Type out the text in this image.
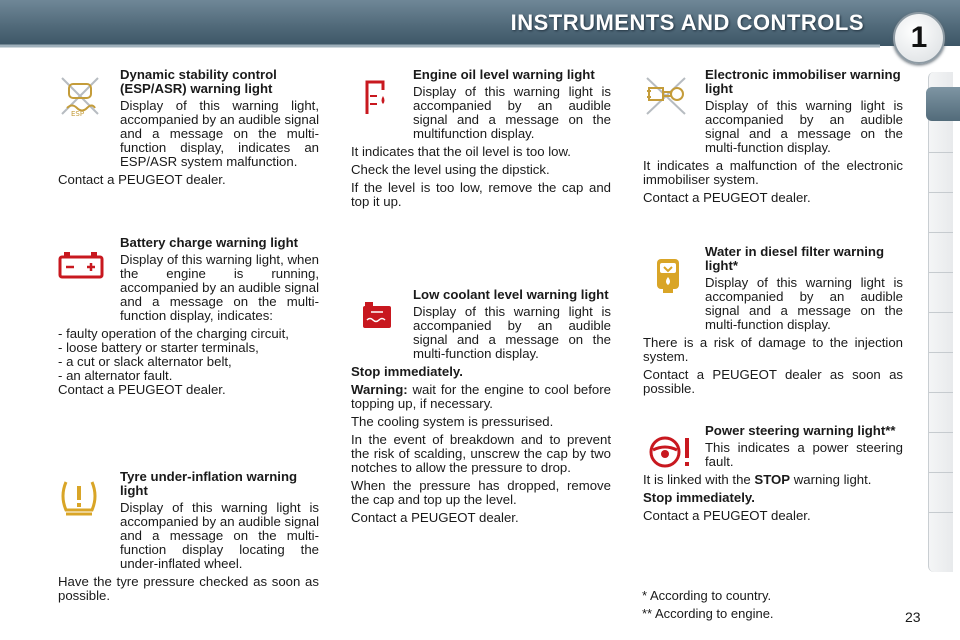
INSTRUMENTS AND CONTROLS	1
ESP
Dynamic stability control (ESP/ASR) warning light

Display of this warning light, accompanied by an audible signal and a message on the multi-function display, indicates an ESP/ASR system malfunction.

Contact a PEUGEOT dealer.

Battery charge warning light

Display of this warning light, when the engine is running, accompanied by an audible signal and a message on the multi-function display, indicates:

- faulty operation of the charging circuit,
- loose battery or starter terminals,
- a cut or slack alternator belt,
- an alternator fault.

Contact a PEUGEOT dealer.

Tyre under-inflation warning light

Display of this warning light is accompanied by an audible signal and a message on the multi-function display locating the under-inflated wheel.

Have the tyre pressure checked as soon as possible.

Engine oil level warning light

Display of this warning light is accompanied by an audible signal and a message on the multifunction display.

It indicates that the oil level is too low.

Check the level using the dipstick.

If the level is too low, remove the cap and top it up.

Low coolant level warning light

Display of this warning light is accompanied by an audible signal and a message on the multi-function display.

Stop immediately.

Warning: wait for the engine to cool before topping up, if necessary.

The cooling system is pressurised.

In the event of breakdown and to prevent the risk of scalding, unscrew the cap by two notches to allow the pressure to drop.

When the pressure has dropped, remove the cap and top up the level.

Contact a PEUGEOT dealer.

Electronic immobiliser warning light

Display of this warning light is accompanied by an audible signal and a message on the multi-function display.

It indicates a malfunction of the electronic immobiliser system.

Contact a PEUGEOT dealer.

Water in diesel filter warning light*

Display of this warning light is accompanied by an audible signal and a message on the multi-function display.

There is a risk of damage to the injection system.

Contact a PEUGEOT dealer as soon as possible.

Power steering warning light**

This indicates a power steering fault.

It is linked with the STOP warning light.

Stop immediately.

Contact a PEUGEOT dealer.

* According to country.
** According to engine.	23
